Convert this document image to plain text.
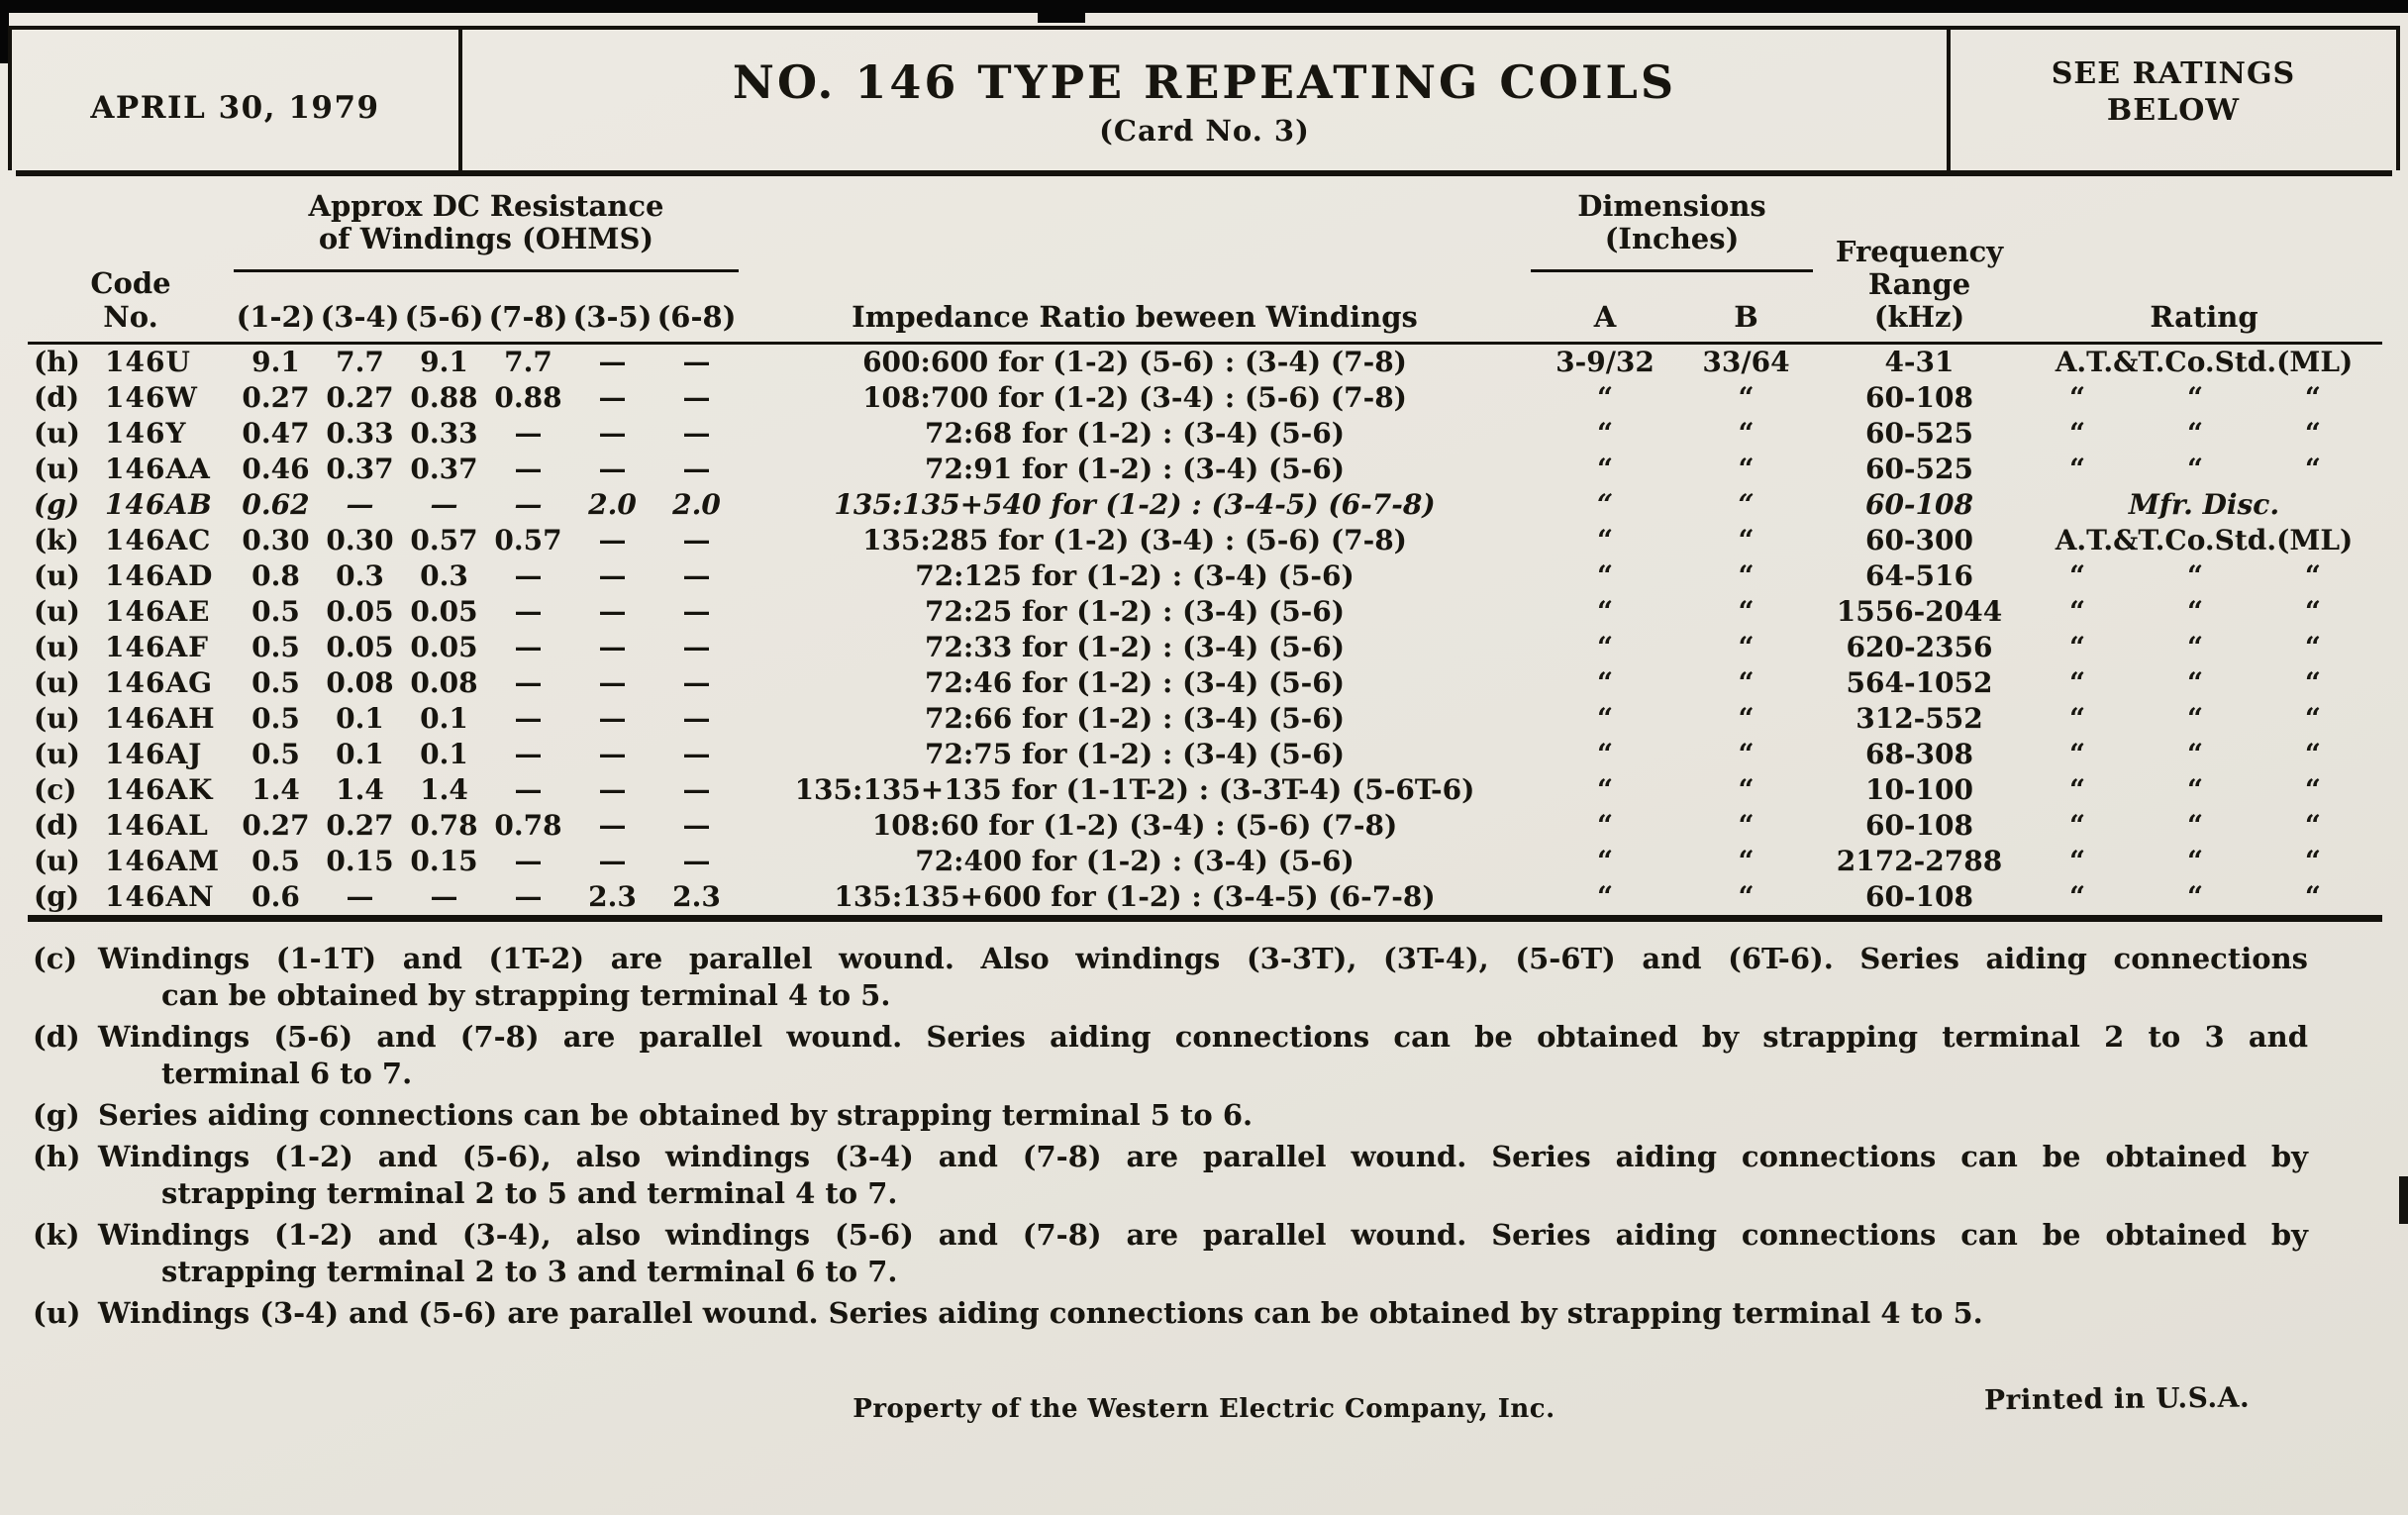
APRIL 30, 1979	NO. 146 TYPE REPEATING COILS
(Card No. 3)
SEE RATINGS
BELOW
Code
No.
Approx DC Resistance
of Windings (OHMS)
(1-2) (3-4) (5-6) (7-8) (3-5) (6-8)	Impedance Ratio beween Windings
Dimensions
(Inches)
A	B
Frequency
Range
(kHz)	Rating
(h) 146U	9.1	7.7	9.1	7.7	—	—	600:600 for (1-2) (5-6) : (3-4) (7-8)	3-9/32	33/64	4-31	A.T.&T.Co.Std.(ML)
(d) 146W	0.27 0.27 0.88 0.88	—	—	108:700 for (1-2) (3-4) : (5-6) (7-8)	“	“	60-108	“	“	“
(u) 146Y	0.47 0.33 0.33	—	—	—	72:68 for (1-2) : (3-4) (5-6)	“	“	60-525	“	“	“
(u) 146AA	0.46 0.37 0.37	—	—	—	72:91 for (1-2) : (3-4) (5-6)	“	“	60-525	“	“	“
(g) 146AB	0.62	—	—	—	2.0	2.0	135:135+540 for (1-2) : (3-4-5) (6-7-8)	“	“	60-108	Mfr. Disc.
(k) 146AC	0.30 0.30 0.57 0.57	—	—	135:285 for (1-2) (3-4) : (5-6) (7-8)	“	“	60-300	A.T.&T.Co.Std.(ML)
(u) 146AD	0.8	0.3	0.3	—	—	—	72:125 for (1-2) : (3-4) (5-6)	“	“	64-516	“	“	“
(u) 146AE	0.5 0.05 0.05	—	—	—	72:25 for (1-2) : (3-4) (5-6)	“	“	1556-2044	“	“	“
(u) 146AF	0.5 0.05 0.05	—	—	—	72:33 for (1-2) : (3-4) (5-6)	“	“	620-2356	“	“	“
(u) 146AG	0.5 0.08 0.08	—	—	—	72:46 for (1-2) : (3-4) (5-6)	“	“	564-1052	“	“	“
(u) 146AH	0.5	0.1	0.1	—	—	—	72:66 for (1-2) : (3-4) (5-6)	“	“	312-552	“	“	“
(u) 146AJ	0.5	0.1	0.1	—	—	—	72:75 for (1-2) : (3-4) (5-6)	“	“	68-308	“	“	“
(c)	146AK	1.4	1.4	1.4	—	—	—	135:135+135 for (1-1T-2) : (3-3T-4) (5-6T-6)	“	“	10-100	“	“	“
(d) 146AL	0.27 0.27 0.78 0.78	—	—	108:60 for (1-2) (3-4) : (5-6) (7-8)	“	“	60-108	“	“	“
(u) 146AM	0.5 0.15 0.15	—	—	—	72:400 for (1-2) : (3-4) (5-6)	“	“	2172-2788	“	“	“
(g) 146AN	0.6	—	—	—	2.3	2.3	135:135+600 for (1-2) : (3-4-5) (6-7-8)	“	“	60-108	“	“	“
(c) Windings (1-1T) and (1T-2) are parallel wound. Also windings (3-3T), (3T-4), (5-6T) and (6T-6). Series aiding connections
can be obtained by strapping terminal 4 to 5.
(d) Windings (5-6) and (7-8) are parallel wound. Series aiding connections can be obtained by strapping terminal 2 to 3 and
terminal 6 to 7.
(g) Series aiding connections can be obtained by strapping terminal 5 to 6.
(h) Windings (1-2) and (5-6), also windings (3-4) and (7-8) are parallel wound. Series aiding connections can be obtained by
strapping terminal 2 to 5 and terminal 4 to 7.
(k) Windings (1-2) and (3-4), also windings (5-6) and (7-8) are parallel wound. Series aiding connections can be obtained by
strapping terminal 2 to 3 and terminal 6 to 7.
(u) Windings (3-4) and (5-6) are parallel wound. Series aiding connections can be obtained by strapping terminal 4 to 5.
Property of the Western Electric Company, Inc.	Printed in U.S.A.
